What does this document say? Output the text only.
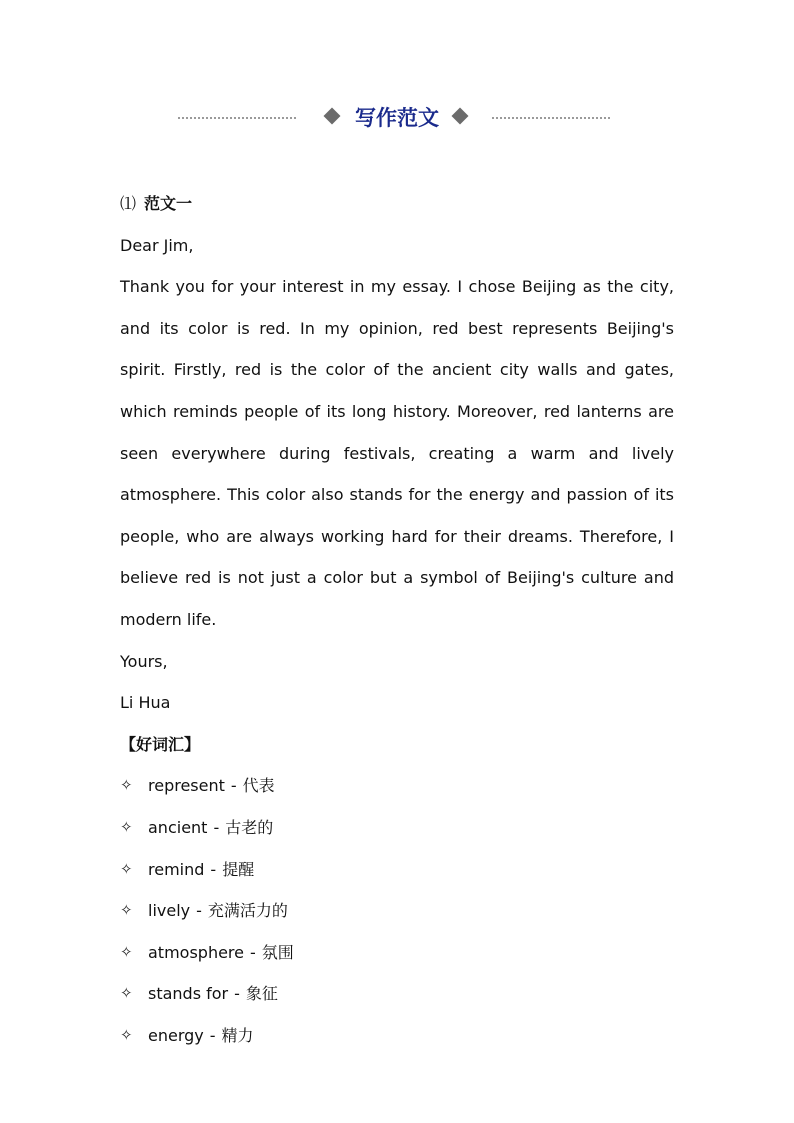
写作范文
⑴ 范文一
Dear Jim,

Thank you for your interest in my essay. I chose Beijing as the city, and its color is red. In my opinion, red best represents Beijing's spirit. Firstly, red is the color of the ancient city walls and gates, which reminds people of its long history. Moreover, red lanterns are seen everywhere during festivals, creating a warm and lively atmosphere. This color also stands for the energy and passion of its people, who are always working hard for their dreams. Therefore, I believe red is not just a color but a symbol of Beijing's culture and modern life.

Yours,
Li Hua
【好词汇】
✧ represent - 代表
✧ ancient - 古老的
✧ remind - 提醒
✧ lively - 充满活力的
✧ atmosphere - 氛围
✧ stands for - 象征
✧ energy - 精力
